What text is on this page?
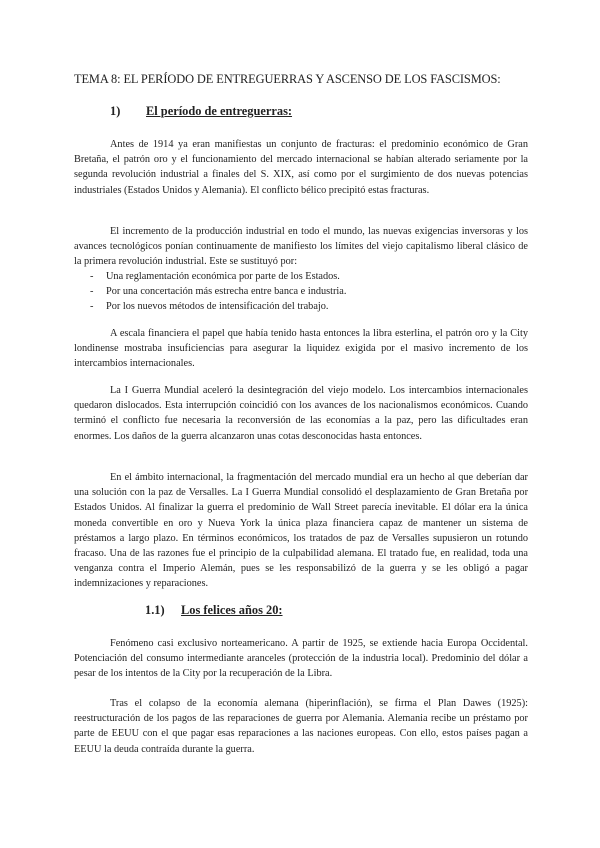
TEMA 8: EL PERÍODO DE ENTREGUERRAS Y ASCENSO DE LOS FASCISMOS:
1) El período de entreguerras:

Antes de 1914 ya eran manifiestas un conjunto de fracturas: el predominio económico de Gran Bretaña, el patrón oro y el funcionamiento del mercado internacional se habían alterado seriamente por la segunda revolución industrial a finales del S. XIX, así como por el surgimiento de dos nuevas potencias industriales (Estados Unidos y Alemania). El conflicto bélico precipitó estas fracturas.

El incremento de la producción industrial en todo el mundo, las nuevas exigencias inversoras y los avances tecnológicos ponían continuamente de manifiesto los límites del viejo capitalismo liberal clásico de la primera revolución industrial. Este se sustituyó por:

- Una reglamentación económica por parte de los Estados.
- Por una concertación más estrecha entre banca e industria.
- Por los nuevos métodos de intensificación del trabajo.

A escala financiera el papel que había tenido hasta entonces la libra esterlina, el patrón oro y la City londinense mostraba insuficiencias para asegurar la liquidez exigida por el masivo incremento de los intercambios internacionales.

La I Guerra Mundial aceleró la desintegración del viejo modelo. Los intercambios internacionales quedaron dislocados. Esta interrupción coincidió con los avances de los nacionalismos económicos. Cuando terminó el conflicto fue necesaria la reconversión de las economías a la paz, pero las dificultades eran enormes. Los daños de la guerra alcanzaron unas cotas desconocidas hasta entonces.

En el ámbito internacional, la fragmentación del mercado mundial era un hecho al que deberían dar una solución con la paz de Versalles. La I Guerra Mundial consolidó el desplazamiento de Gran Bretaña por Estados Unidos. Al finalizar la guerra el predominio de Wall Street parecía inevitable. El dólar era la única moneda convertible en oro y Nueva York la única plaza financiera capaz de mantener un sistema de préstamos a largo plazo. En términos económicos, los tratados de paz de Versalles supusieron un rotundo fracaso. Una de las razones fue el principio de la culpabilidad alemana. El tratado fue, en realidad, toda una venganza contra el Imperio Alemán, pues se les responsabilizó de la guerra y se les obligó a pagar indemnizaciones y reparaciones.

1.1) Los felices años 20:

Fenómeno casi exclusivo norteamericano. A partir de 1925, se extiende hacia Europa Occidental. Potenciación del consumo intermediante aranceles (protección de la industria local). Predominio del dólar a pesar de los intentos de la City por la recuperación de la Libra.

Tras el colapso de la economía alemana (hiperinflación), se firma el Plan Dawes (1925): reestructuración de los pagos de las reparaciones de guerra por Alemania. Alemania recibe un préstamo por parte de EEUU con el que pagar esas reparaciones a las naciones europeas. Con ello, estos países pagan a EEUU la deuda contraída durante la guerra.
